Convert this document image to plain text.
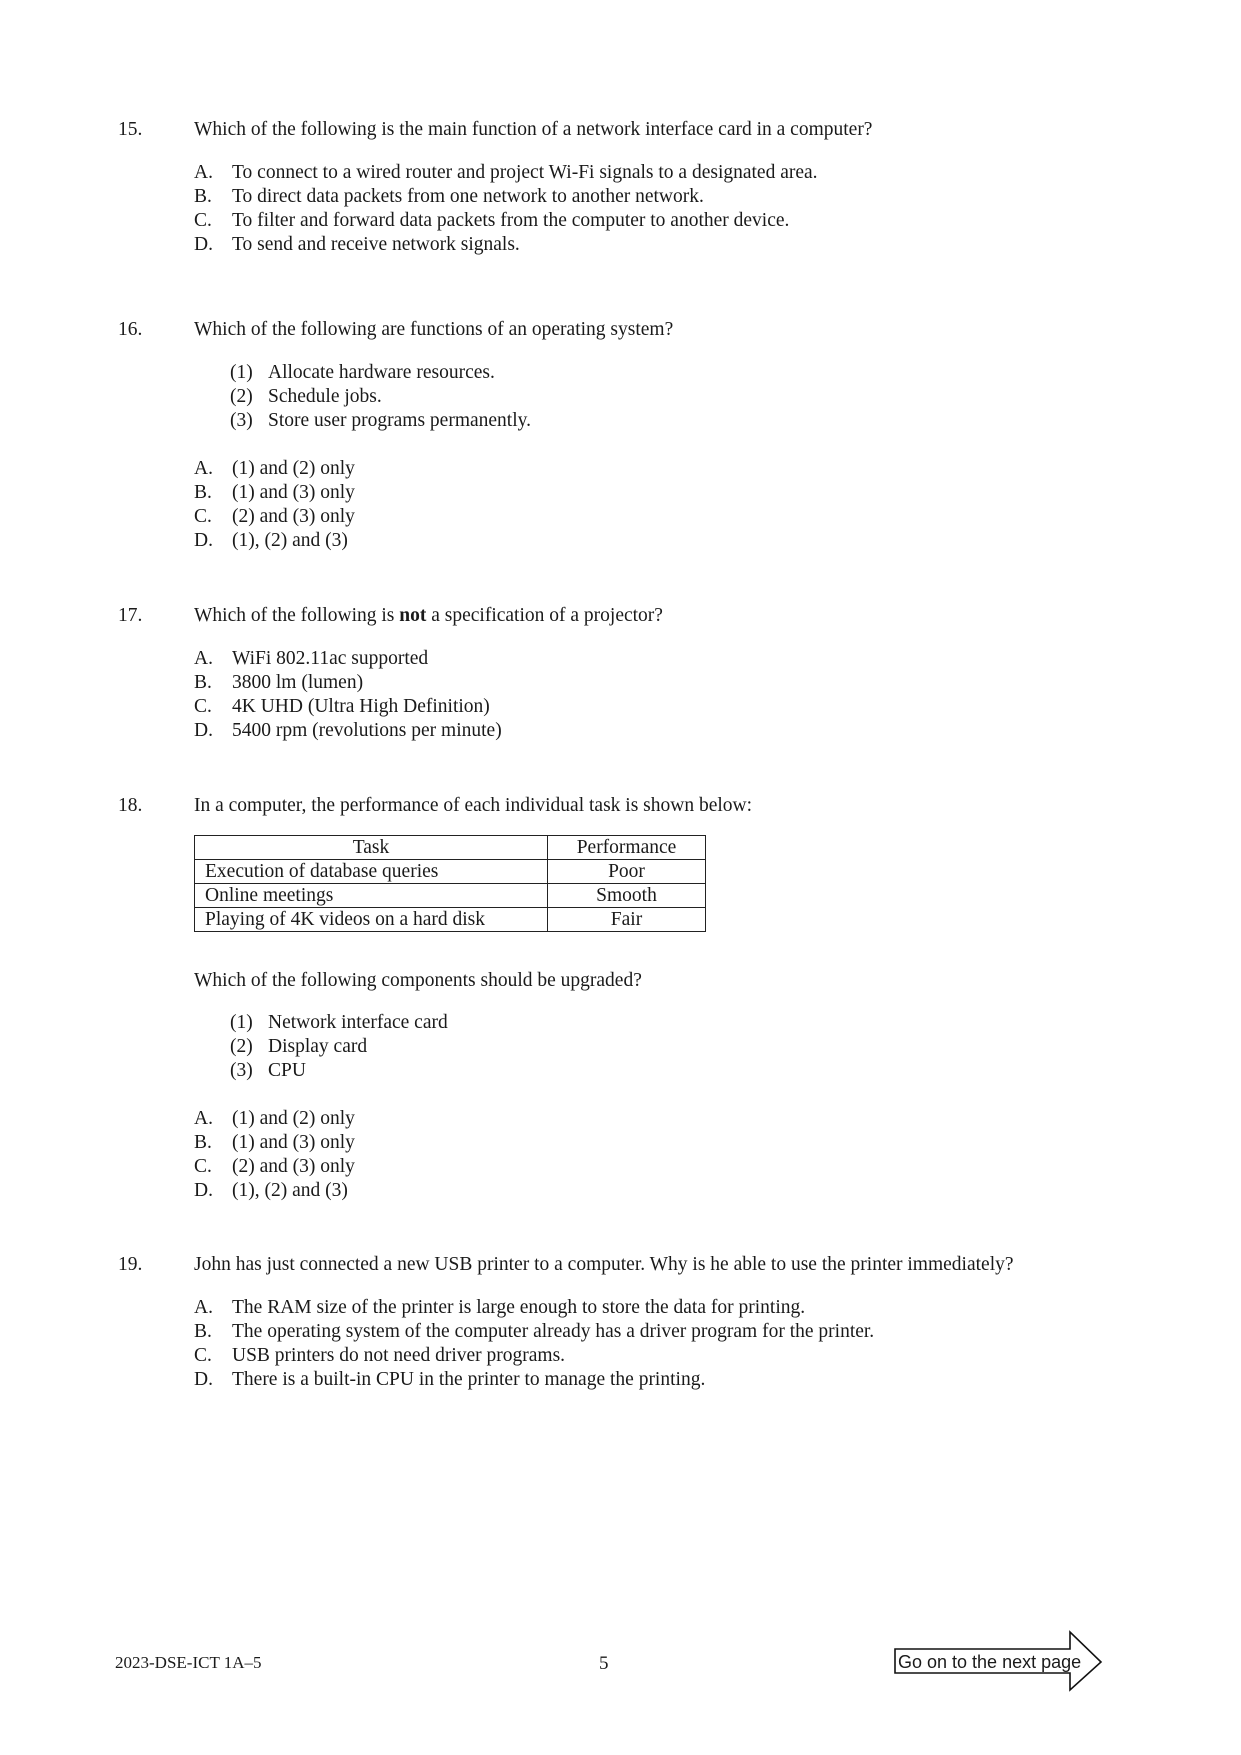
15.	Which of the following is the main function of a network interface card in a computer?
A. To connect to a wired router and project Wi-Fi signals to a designated area.
B. To direct data packets from one network to another network.
C. To filter and forward data packets from the computer to another device.
D. To send and receive network signals.
16.	Which of the following are functions of an operating system?
(1) Allocate hardware resources.
(2) Schedule jobs.
(3) Store user programs permanently.
A. (1) and (2) only
B. (1) and (3) only
C. (2) and (3) only
D. (1), (2) and (3)
17.	Which of the following is not a specification of a projector?
A. WiFi 802.11ac supported
B. 3800 lm (lumen)
C. 4K UHD (Ultra High Definition)
D. 5400 rpm (revolutions per minute)
18.	In a computer, the performance of each individual task is shown below:
Task	Performance
Execution of database queries	Poor
Online meetings	Smooth
Playing of 4K videos on a hard disk	Fair
Which of the following components should be upgraded?
(1) Network interface card
(2) Display card
(3) CPU
A. (1) and (2) only
B. (1) and (3) only
C. (2) and (3) only
D. (1), (2) and (3)
19.	John has just connected a new USB printer to a computer. Why is he able to use the printer immediately?
A. The RAM size of the printer is large enough to store the data for printing.
B. The operating system of the computer already has a driver program for the printer.
C. USB printers do not need driver programs.
D. There is a built-in CPU in the printer to manage the printing.
2023-DSE-ICT 1A–5	5	Go on to the next page
